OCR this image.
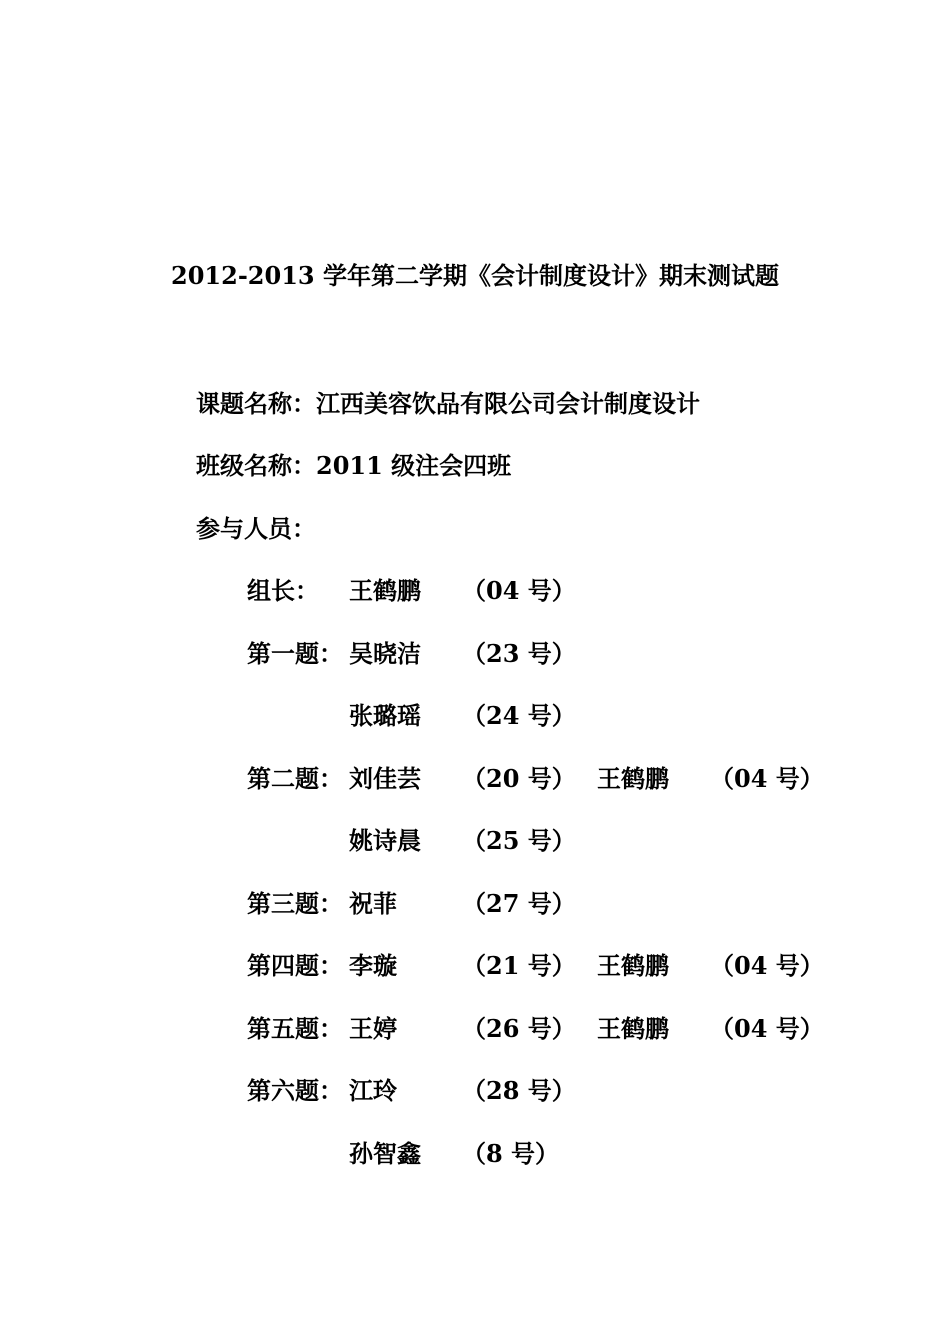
2012-2013 学年第二学期《会计制度设计》期末测试题
课题名称：江西美容饮品有限公司会计制度设计
班级名称：2011 级注会四班
参与人员：
组长： 王鹤鹏 （04 号）
第一题： 吴晓洁 （23 号）
张璐瑶 （24 号）
第二题： 刘佳芸 （20 号） 王鹤鹏 （04 号）
姚诗晨 （25 号）
第三题： 祝菲	（27 号）
第四题： 李璇	（21 号） 王鹤鹏 （04 号）
第五题： 王婷	（26 号） 王鹤鹏 （04 号）
第六题： 江玲	（28 号）
孙智鑫 （8 号）
